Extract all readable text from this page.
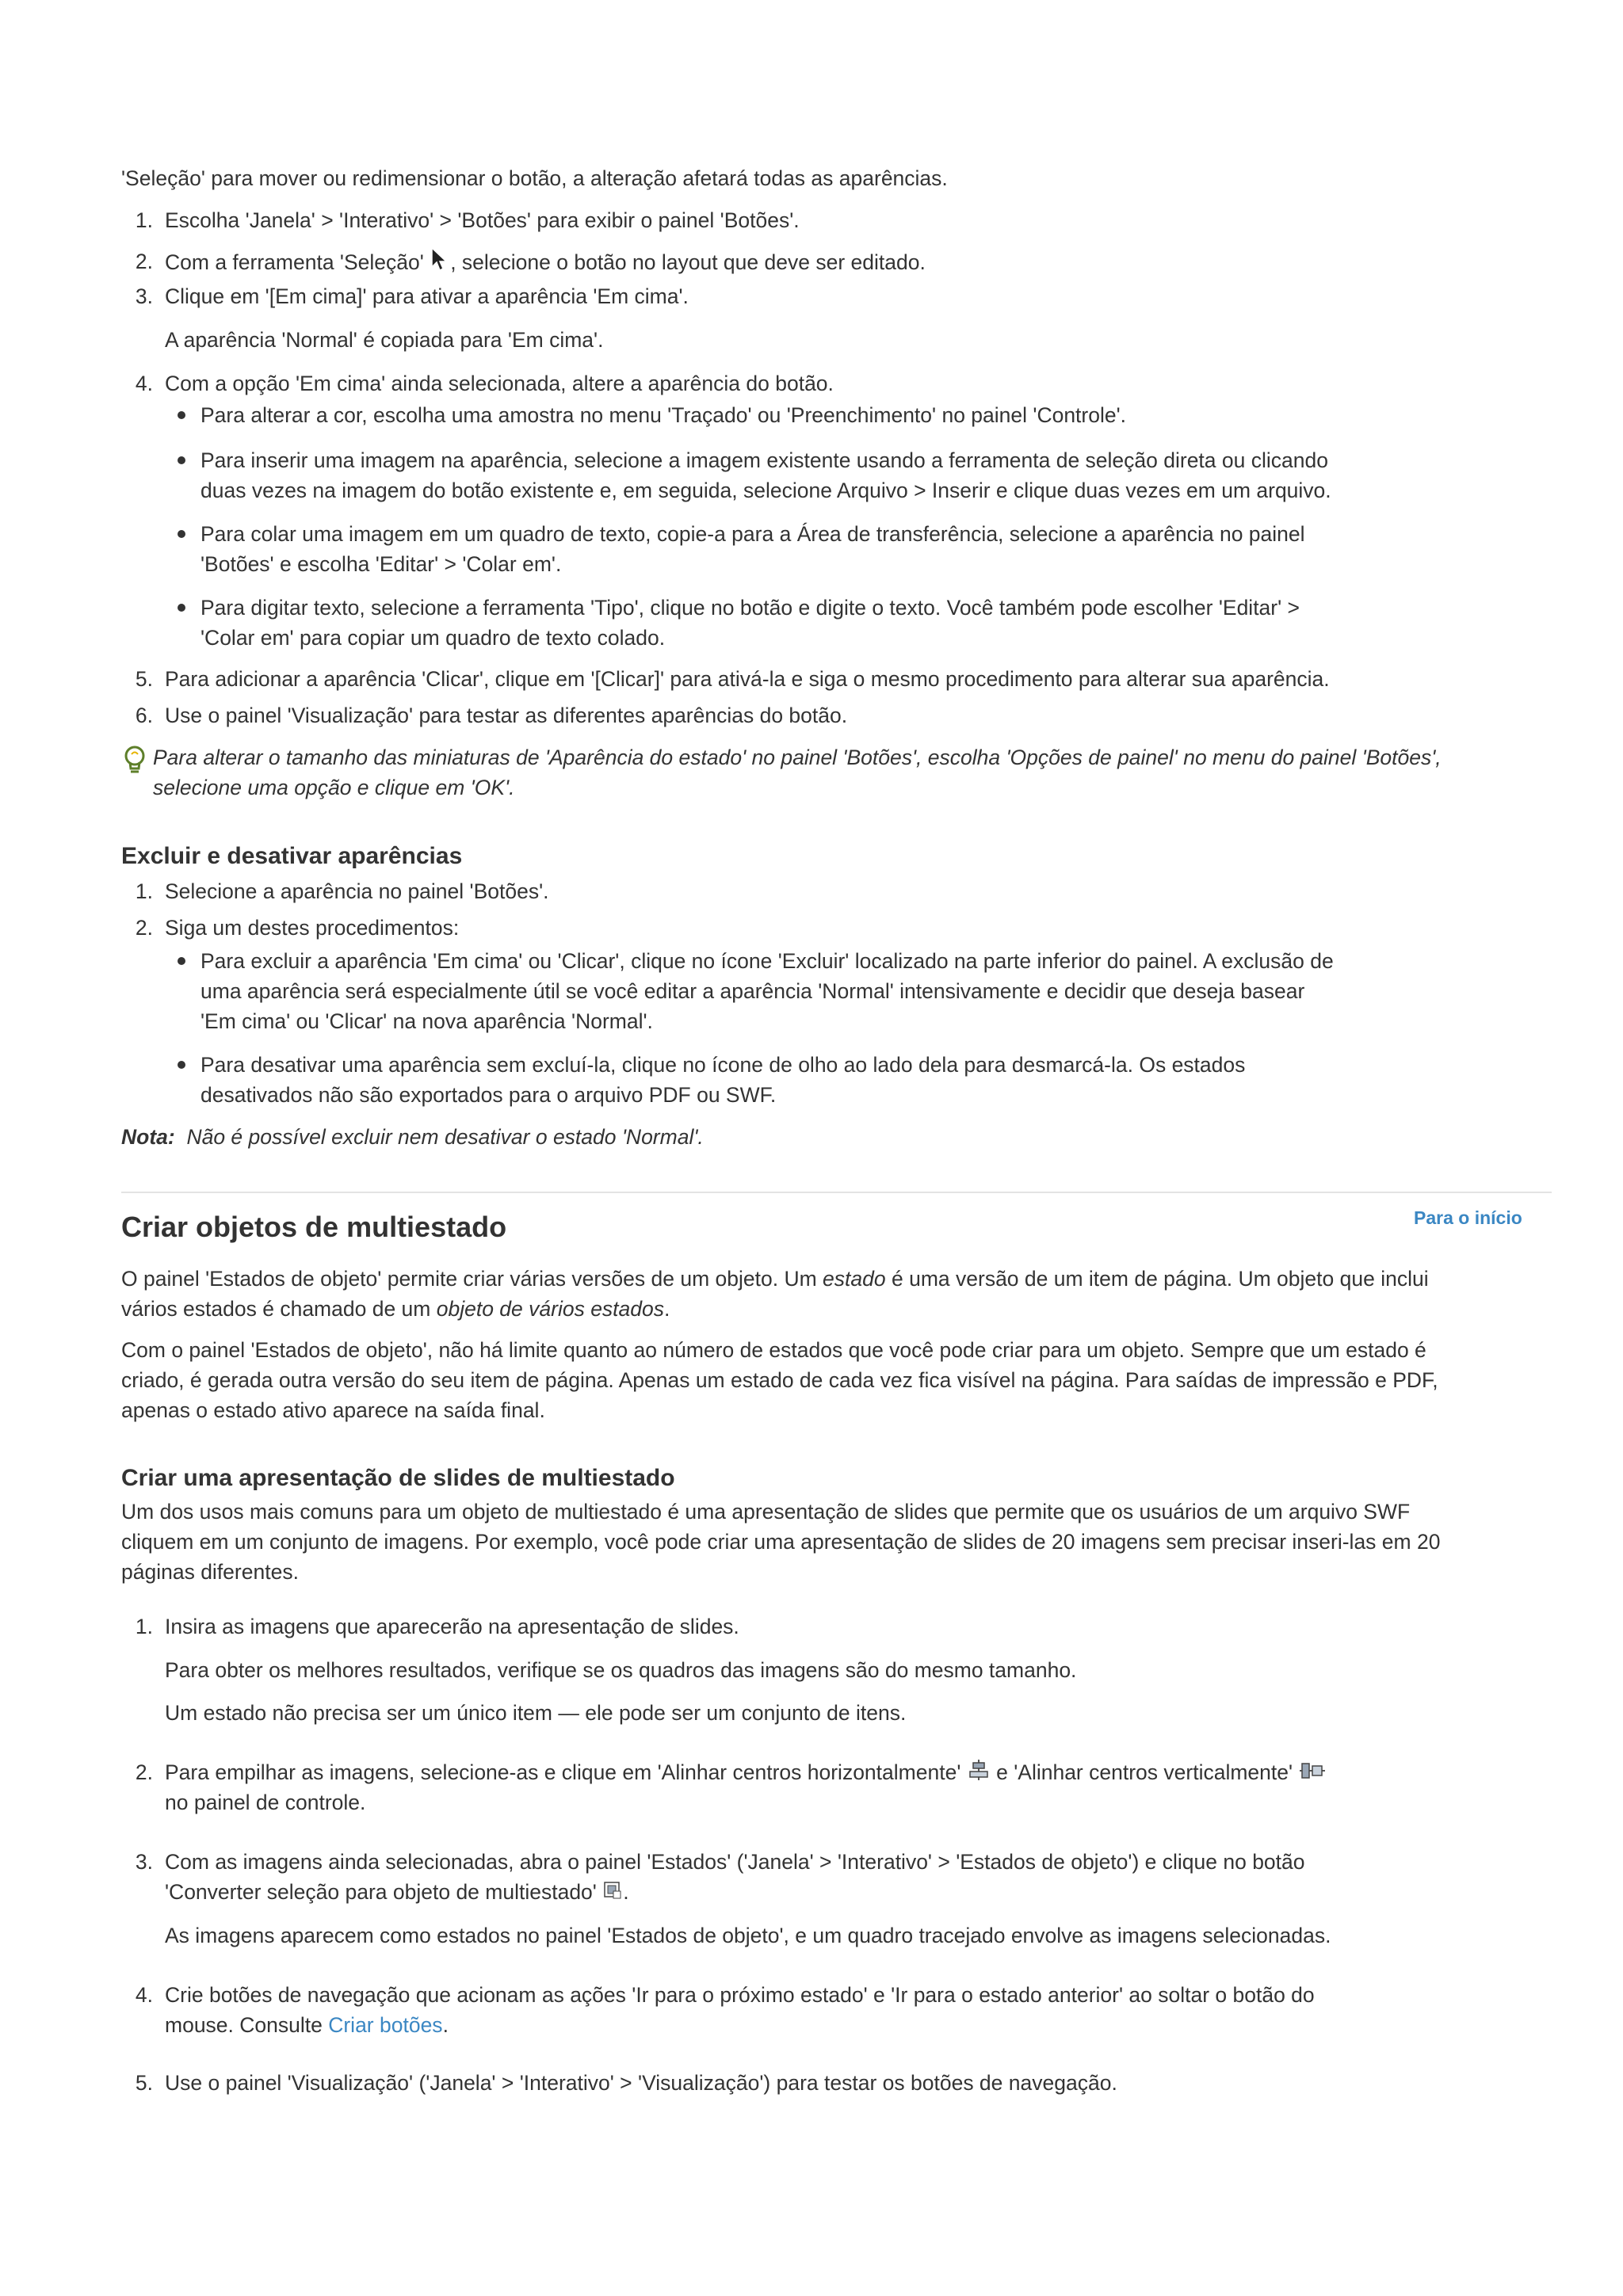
'Seleção' para mover ou redimensionar o botão, a alteração afetará todas as aparências.
1. Escolha 'Janela' > 'Interativo' > 'Botões' para exibir o painel 'Botões'.
2. Com a ferramenta 'Seleção' , selecione o botão no layout que deve ser editado.
3. Clique em '[Em cima]' para ativar a aparência 'Em cima'.
A aparência 'Normal' é copiada para 'Em cima'.
4. Com a opção 'Em cima' ainda selecionada, altere a aparência do botão.
Para alterar a cor, escolha uma amostra no menu 'Traçado' ou 'Preenchimento' no painel 'Controle'.
Para inserir uma imagem na aparência, selecione a imagem existente usando a ferramenta de seleção direta ou clicando
duas vezes na imagem do botão existente e, em seguida, selecione Arquivo > Inserir e clique duas vezes em um arquivo.
Para colar uma imagem em um quadro de texto, copie-a para a Área de transferência, selecione a aparência no painel
'Botões' e escolha 'Editar' > 'Colar em'.
Para digitar texto, selecione a ferramenta 'Tipo', clique no botão e digite o texto. Você também pode escolher 'Editar' >
'Colar em' para copiar um quadro de texto colado.
5. Para adicionar a aparência 'Clicar', clique em '[Clicar]' para ativá-la e siga o mesmo procedimento para alterar sua aparência.
6. Use o painel 'Visualização' para testar as diferentes aparências do botão.
Para alterar o tamanho das miniaturas de 'Aparência do estado' no painel 'Botões', escolha 'Opções de painel' no menu do painel 'Botões',
selecione uma opção e clique em 'OK'.
Excluir e desativar aparências
1. Selecione a aparência no painel 'Botões'.
2. Siga um destes procedimentos:
Para excluir a aparência 'Em cima' ou 'Clicar', clique no ícone 'Excluir' localizado na parte inferior do painel. A exclusão de
uma aparência será especialmente útil se você editar a aparência 'Normal' intensivamente e decidir que deseja basear
'Em cima' ou 'Clicar' na nova aparência 'Normal'.
Para desativar uma aparência sem excluí-la, clique no ícone de olho ao lado dela para desmarcá-la. Os estados
desativados não são exportados para o arquivo PDF ou SWF.
Nota: Não é possível excluir nem desativar o estado 'Normal'.
Para o início
Criar objetos de multiestado
O painel 'Estados de objeto' permite criar várias versões de um objeto. Um estado é uma versão de um item de página. Um objeto que inclui
vários estados é chamado de um objeto de vários estados.
Com o painel 'Estados de objeto', não há limite quanto ao número de estados que você pode criar para um objeto. Sempre que um estado é
criado, é gerada outra versão do seu item de página. Apenas um estado de cada vez fica visível na página. Para saídas de impressão e PDF,
apenas o estado ativo aparece na saída final.
Criar uma apresentação de slides de multiestado
Um dos usos mais comuns para um objeto de multiestado é uma apresentação de slides que permite que os usuários de um arquivo SWF
cliquem em um conjunto de imagens. Por exemplo, você pode criar uma apresentação de slides de 20 imagens sem precisar inseri-las em 20
páginas diferentes.
1. Insira as imagens que aparecerão na apresentação de slides.
Para obter os melhores resultados, verifique se os quadros das imagens são do mesmo tamanho.
Um estado não precisa ser um único item — ele pode ser um conjunto de itens.
2. Para empilhar as imagens, selecione-as e clique em 'Alinhar centros horizontalmente'  e 'Alinhar centros verticalmente'
no painel de controle.
3. Com as imagens ainda selecionadas, abra o painel 'Estados' ('Janela' > 'Interativo' > 'Estados de objeto') e clique no botão
'Converter seleção para objeto de multiestado' .
As imagens aparecem como estados no painel 'Estados de objeto', e um quadro tracejado envolve as imagens selecionadas.
4. Crie botões de navegação que acionam as ações 'Ir para o próximo estado' e 'Ir para o estado anterior' ao soltar o botão do
mouse. Consulte Criar botões.
5. Use o painel 'Visualização' ('Janela' > 'Interativo' > 'Visualização') para testar os botões de navegação.
